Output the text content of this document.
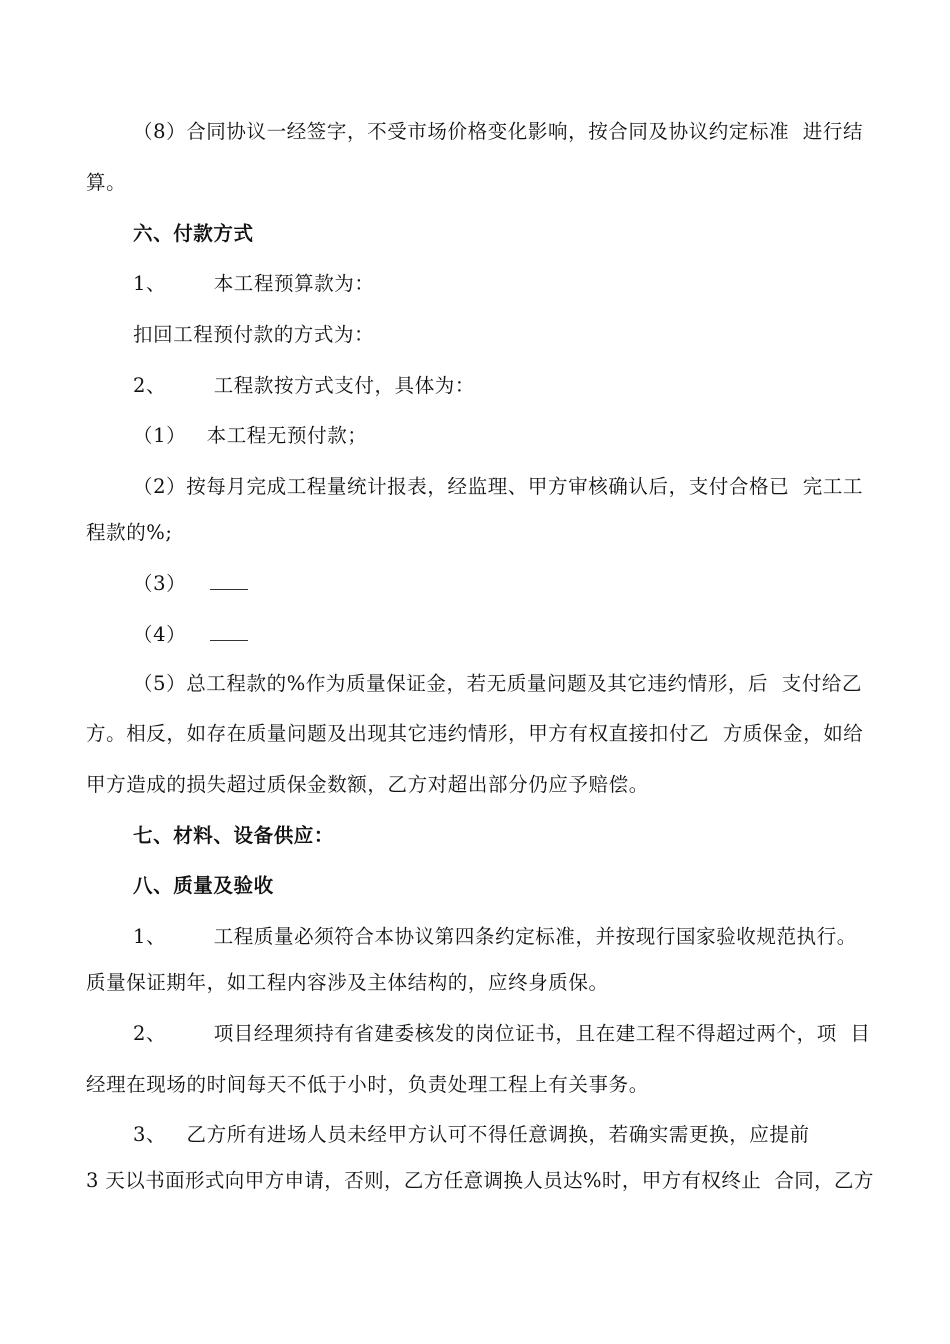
（8）合同协议一经签字，不受市场价格变化影响，按合同及协议约定标准  进行结
算。
六、付款方式
1、       本工程预算款为：
扣回工程预付款的方式为：
2、       工程款按方式支付，具体为：
（1）   本工程无预付款；
（2）按每月完成工程量统计报表，经监理、甲方审核确认后，支付合格已  完工工
程款的%;
（3）
（4）
（5）总工程款的%作为质量保证金，若无质量问题及其它违约情形，后  支付给乙
方。相反，如存在质量问题及出现其它违约情形，甲方有权直接扣付乙  方质保金，如给
甲方造成的损失超过质保金数额，乙方对超出部分仍应予赔偿。
七、材料、设备供应：
八、质量及验收
1、       工程质量必须符合本协议第四条约定标准，并按现行国家验收规范执行。
质量保证期年，如工程内容涉及主体结构的，应终身质保。
2、       项目经理须持有省建委核发的岗位证书，且在建工程不得超过两个，项  目
经理在现场的时间每天不低于小时，负责处理工程上有关事务。
3、   乙方所有进场人员未经甲方认可不得任意调换，若确实需更换，应提前
3 天以书面形式向甲方申请，否则，乙方任意调换人员达%时，甲方有权终止  合同，乙方
